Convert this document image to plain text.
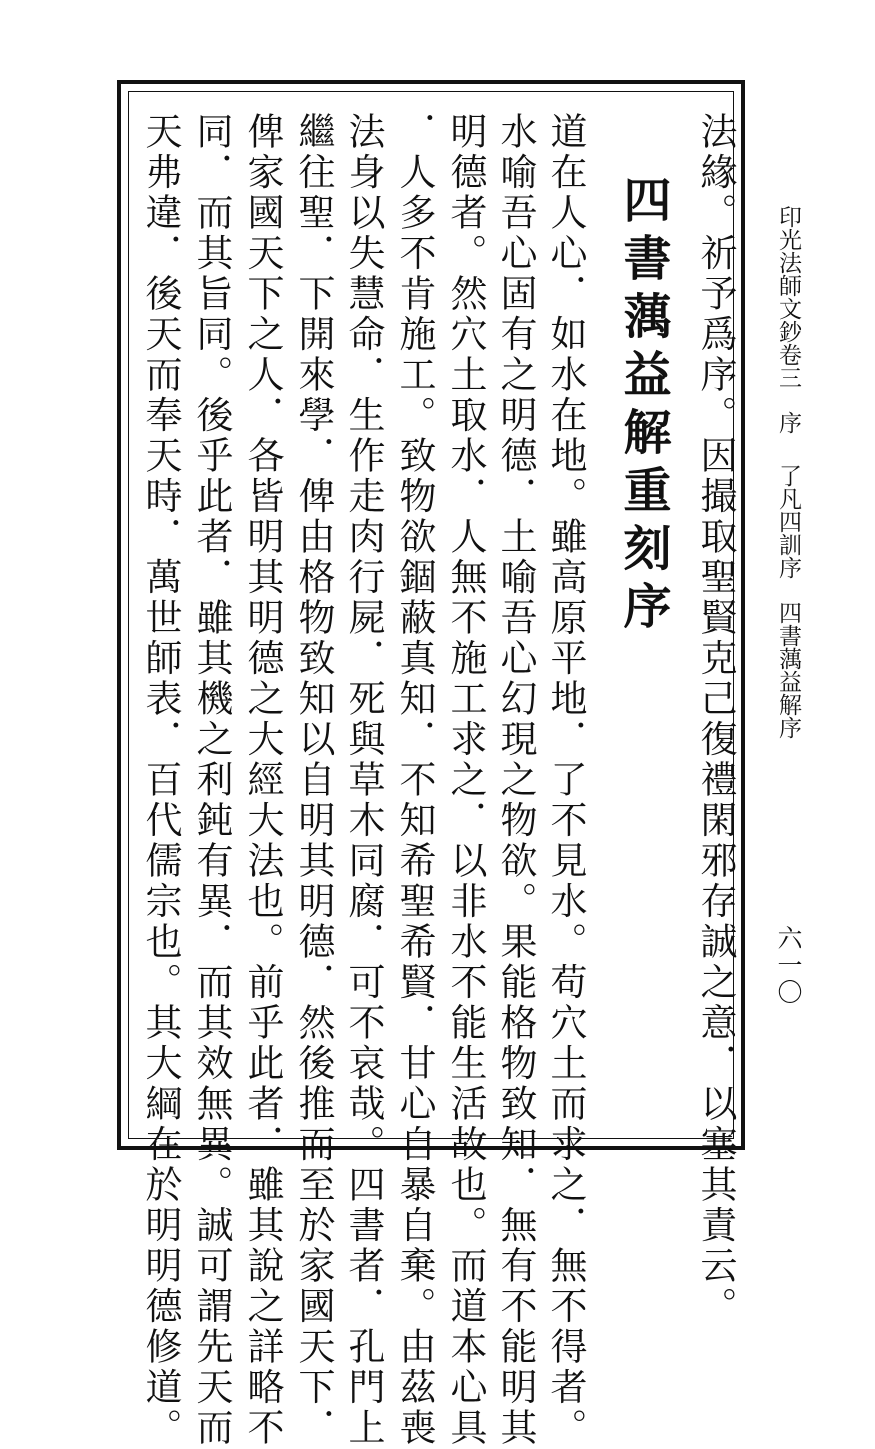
印光法師文鈔卷三序了凡四訓序四書蕅益解序
六一〇
法緣。祈予爲序。因撮取聖賢克己復禮閑邪存誠之意．以塞其責云。
四書蕅益解重刻序
道在人心．如水在地。雖高原平地．了不見水。苟穴土而求之．無不得者。
水喻吾心固有之明德．土喻吾心幻現之物欲。果能格物致知．無有不能明其
明德者。然穴土取水．人無不施工求之．以非水不能生活故也。而道本心具
．人多不肯施工。致物欲錮蔽真知．不知希聖希賢．甘心自暴自棄。由茲喪
法身以失慧命．生作走肉行屍．死與草木同腐．可不哀哉。四書者．孔門上
繼往聖．下開來學．俾由格物致知以自明其明德．然後推而至於家國天下．
俾家國天下之人．各皆明其明德之大經大法也。前乎此者．雖其說之詳略不
同．而其旨同。後乎此者．雖其機之利鈍有異．而其效無異。誠可謂先天而
天弗違．後天而奉天時．萬世師表．百代儒宗也。其大綱在於明明德修道。
